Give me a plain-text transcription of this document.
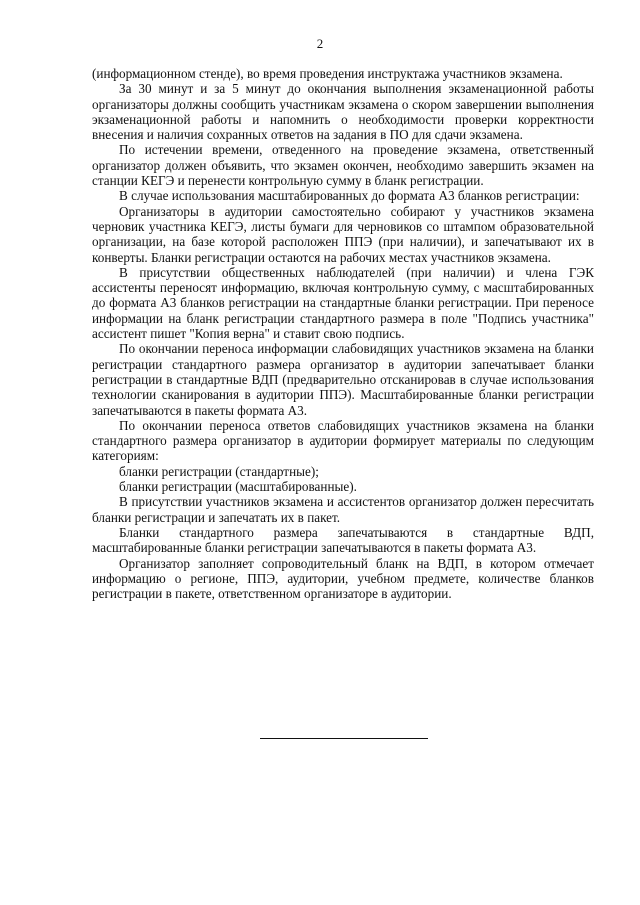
2

(информационном стенде), во время проведения инструктажа участников экзамена.

За 30 минут и за 5 минут до окончания выполнения экзаменационной работы организаторы должны сообщить участникам экзамена о скором завершении выполнения экзаменационной работы и напомнить о необходимости проверки корректности внесения и наличия сохранных ответов на задания в ПО для сдачи экзамена.

По истечении времени, отведенного на проведение экзамена, ответственный организатор должен объявить, что экзамен окончен, необходимо завершить экзамен на станции КЕГЭ и перенести контрольную сумму в бланк регистрации.

В случае использования масштабированных до формата А3 бланков регистрации:

Организаторы в аудитории самостоятельно собирают у участников экзамена черновик участника КЕГЭ, листы бумаги для черновиков со штампом образовательной организации, на базе которой расположен ППЭ (при наличии), и запечатывают их в конверты. Бланки регистрации остаются на рабочих местах участников экзамена.

В присутствии общественных наблюдателей (при наличии) и члена ГЭК ассистенты переносят информацию, включая контрольную сумму, с масштабированных до формата А3 бланков регистрации на стандартные бланки регистрации. При переносе информации на бланк регистрации стандартного размера в поле "Подпись участника" ассистент пишет "Копия верна" и ставит свою подпись.

По окончании переноса информации слабовидящих участников экзамена на бланки регистрации стандартного размера организатор в аудитории запечатывает бланки регистрации в стандартные ВДП (предварительно отсканировав в случае использования технологии сканирования в аудитории ППЭ). Масштабированные бланки регистрации запечатываются в пакеты формата А3.

По окончании переноса ответов слабовидящих участников экзамена на бланки стандартного размера организатор в аудитории формирует материалы по следующим категориям:

бланки регистрации (стандартные);

бланки регистрации (масштабированные).

В присутствии участников экзамена и ассистентов организатор должен пересчитать бланки регистрации и запечатать их в пакет.

Бланки стандартного размера запечатываются в стандартные ВДП, масштабированные бланки регистрации запечатываются в пакеты формата А3.

Организатор заполняет сопроводительный бланк на ВДП, в котором отмечает информацию о регионе, ППЭ, аудитории, учебном предмете, количестве бланков регистрации в пакете, ответственном организаторе в аудитории.
